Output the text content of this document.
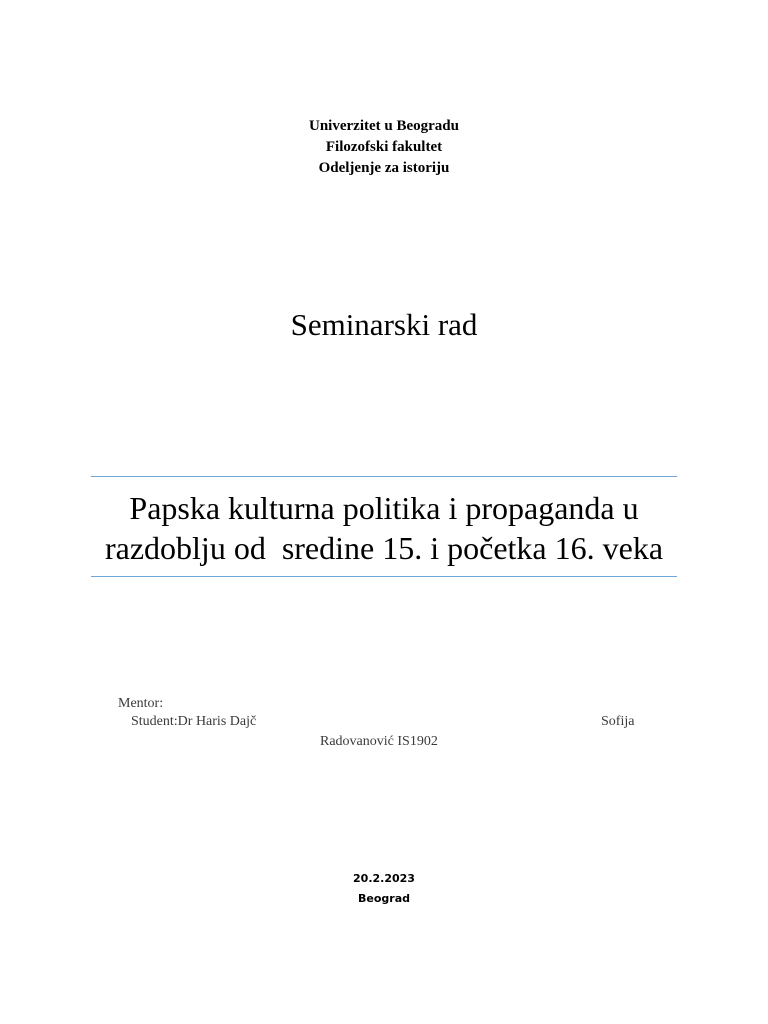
Univerzitet u Beogradu
Filozofski fakultet
Odeljenje za istoriju
Seminarski rad
Papska kulturna politika i propaganda u
razdoblju od  sredine 15. i početka 16. veka
Mentor:
Student:Dr Haris Dajč	Sofija
Radovanović IS1902
20.2.2023
Beograd
